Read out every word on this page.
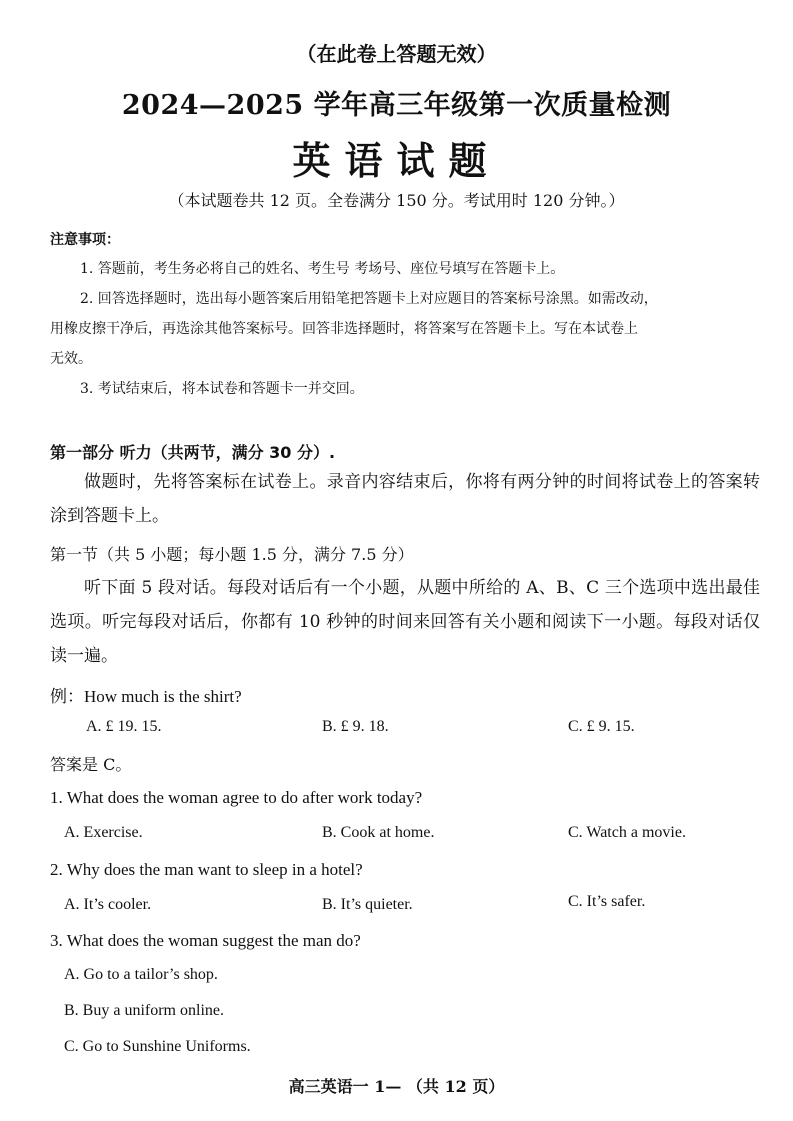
（在此卷上答题无效）
2024—2025 学年高三年级第一次质量检测
英语试题
（本试题卷共 12 页。全卷满分 150 分。考试用时 120 分钟。）
注意事项：
1. 答题前，考生务必将自己的姓名、考生号 考场号、座位号填写在答题卡上。
2. 回答选择题时，选出每小题答案后用铅笔把答题卡上对应题目的答案标号涂黑。如需改动，
用橡皮擦干净后，再选涂其他答案标号。回答非选择题时，将答案写在答题卡上。写在本试卷上
无效。
3. 考试结束后，将本试卷和答题卡一并交回。
第一部分 听力（共两节，满分 30 分）.
做题时，先将答案标在试卷上。录音内容结束后，你将有两分钟的时间将试卷上的答案转涂到答题卡上。
第一节（共 5 小题；每小题 1.5 分，满分 7.5 分）
听下面 5 段对话。每段对话后有一个小题，从题中所给的 A、B、C 三个选项中选出最佳选项。听完每段对话后，你都有 10 秒钟的时间来回答有关小题和阅读下一小题。每段对话仅读一遍。
例：How much is the shirt?
A. £ 19. 15.	B. £ 9. 18.	C. £ 9. 15.
答案是 C。
1. What does the woman agree to do after work today?
A. Exercise.	B. Cook at home.	C. Watch a movie.
2. Why does the man want to sleep in a hotel?
A. It’s cooler.	B. It’s quieter.	C. It’s safer.
3. What does the woman suggest the man do?
A. Go to a tailor’s shop.
B. Buy a uniform online.
C. Go to Sunshine Uniforms.
高三英语一 1— （共 12 页）
